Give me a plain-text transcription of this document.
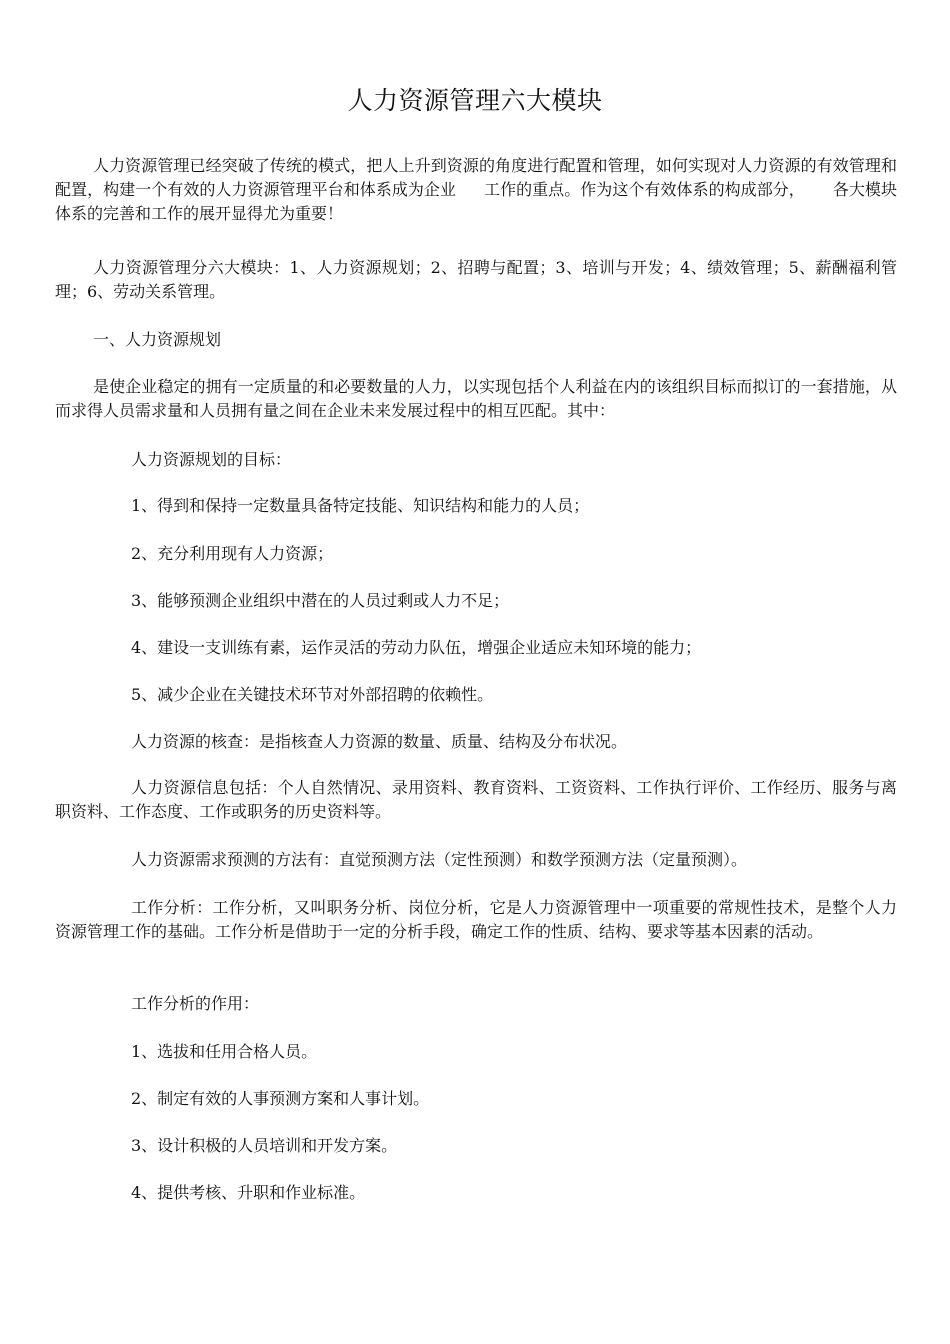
人力资源管理六大模块

人力资源管理已经突破了传统的模式，把人上升到资源的角度进行配置和管理，如何实现对人力资源的有效管理和配置，构建一个有效的人力资源管理平台和体系成为企业 工作的重点。作为这个有效体系的构成部分， 各大模块体系的完善和工作的展开显得尤为重要！

人力资源管理分六大模块：1、人力资源规划；2、招聘与配置；3、培训与开发；4、绩效管理；5、薪酬福利管理；6、劳动关系管理。

一、人力资源规划

是使企业稳定的拥有一定质量的和必要数量的人力，以实现包括个人利益在内的该组织目标而拟订的一套措施，从而求得人员需求量和人员拥有量之间在企业未来发展过程中的相互匹配。其中：

人力资源规划的目标：

1、得到和保持一定数量具备特定技能、知识结构和能力的人员；

2、充分利用现有人力资源；

3、能够预测企业组织中潜在的人员过剩或人力不足；

4、建设一支训练有素，运作灵活的劳动力队伍，增强企业适应未知环境的能力；

5、减少企业在关键技术环节对外部招聘的依赖性。

人力资源的核查：是指核查人力资源的数量、质量、结构及分布状况。

人力资源信息包括：个人自然情况、录用资料、教育资料、工资资料、工作执行评价、工作经历、服务与离职资料、工作态度、工作或职务的历史资料等。

人力资源需求预测的方法有：直觉预测方法（定性预测）和数学预测方法（定量预测）。

工作分析：工作分析，又叫职务分析、岗位分析，它是人力资源管理中一项重要的常规性技术，是整个人力资源管理工作的基础。工作分析是借助于一定的分析手段，确定工作的性质、结构、要求等基本因素的活动。

工作分析的作用：

1、选拔和任用合格人员。

2、制定有效的人事预测方案和人事计划。

3、设计积极的人员培训和开发方案。

4、提供考核、升职和作业标准。
